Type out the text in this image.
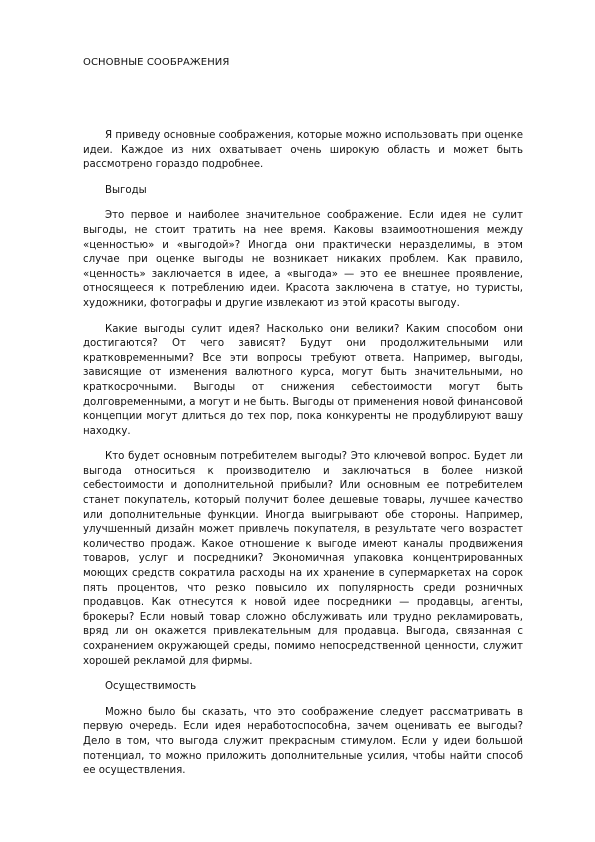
ОСНОВНЫЕ СООБРАЖЕНИЯ

Я приведу основные соображения, которые можно использовать при оценке идеи. Каждое из них охватывает очень широкую область и может быть рассмотрено гораздо подробнее.

Выгоды

Это первое и наиболее значительное соображение. Если идея не сулит выгоды, не стоит тратить на нее время. Каковы взаимоотношения между «ценностью» и «выгодой»? Иногда они практически неразделимы, в этом случае при оценке выгоды не возникает никаких проблем. Как правило, «ценность» заключается в идее, а «выгода» — это ее внешнее проявление, относящееся к потреблению идеи. Красота заключена в статуе, но туристы, художники, фотографы и другие извлекают из этой красоты выгоду.

Какие выгоды сулит идея? Насколько они велики? Каким способом они достигаются? От чего зависят? Будут они продолжительными или кратковременными? Все эти вопросы требуют ответа. Например, выгоды, зависящие от изменения валютного курса, могут быть значительными, но краткосрочными. Выгоды от снижения себестоимости могут быть долговременными, а могут и не быть. Выгоды от применения новой финансовой концепции могут длиться до тех пор, пока конкуренты не продублируют вашу находку.

Кто будет основным потребителем выгоды? Это ключевой вопрос. Будет ли выгода относиться к производителю и заключаться в более низкой себестоимости и дополнительной прибыли? Или основным ее потребителем станет покупатель, который получит более дешевые товары, лучшее качество или дополнительные функции. Иногда выигрывают обе стороны. Например, улучшенный дизайн может привлечь покупателя, в результате чего возрастет количество продаж. Какое отношение к выгоде имеют каналы продвижения товаров, услуг и посредники? Экономичная упаковка концентрированных моющих средств сократила расходы на их хранение в супермаркетах на сорок пять процентов, что резко повысило их популярность среди розничных продавцов. Как отнесутся к новой идее посредники — продавцы, агенты, брокеры? Если новый товар сложно обслуживать или трудно рекламировать, вряд ли он окажется привлекательным для продавца. Выгода, связанная с сохранением окружающей среды, помимо непосредственной ценности, служит хорошей рекламой для фирмы.

Осуществимость

Можно было бы сказать, что это соображение следует рассматривать в первую очередь. Если идея неработоспособна, зачем оценивать ее выгоды? Дело в том, что выгода служит прекрасным стимулом. Если у идеи большой потенциал, то можно приложить дополнительные усилия, чтобы найти способ ее осуществления.
